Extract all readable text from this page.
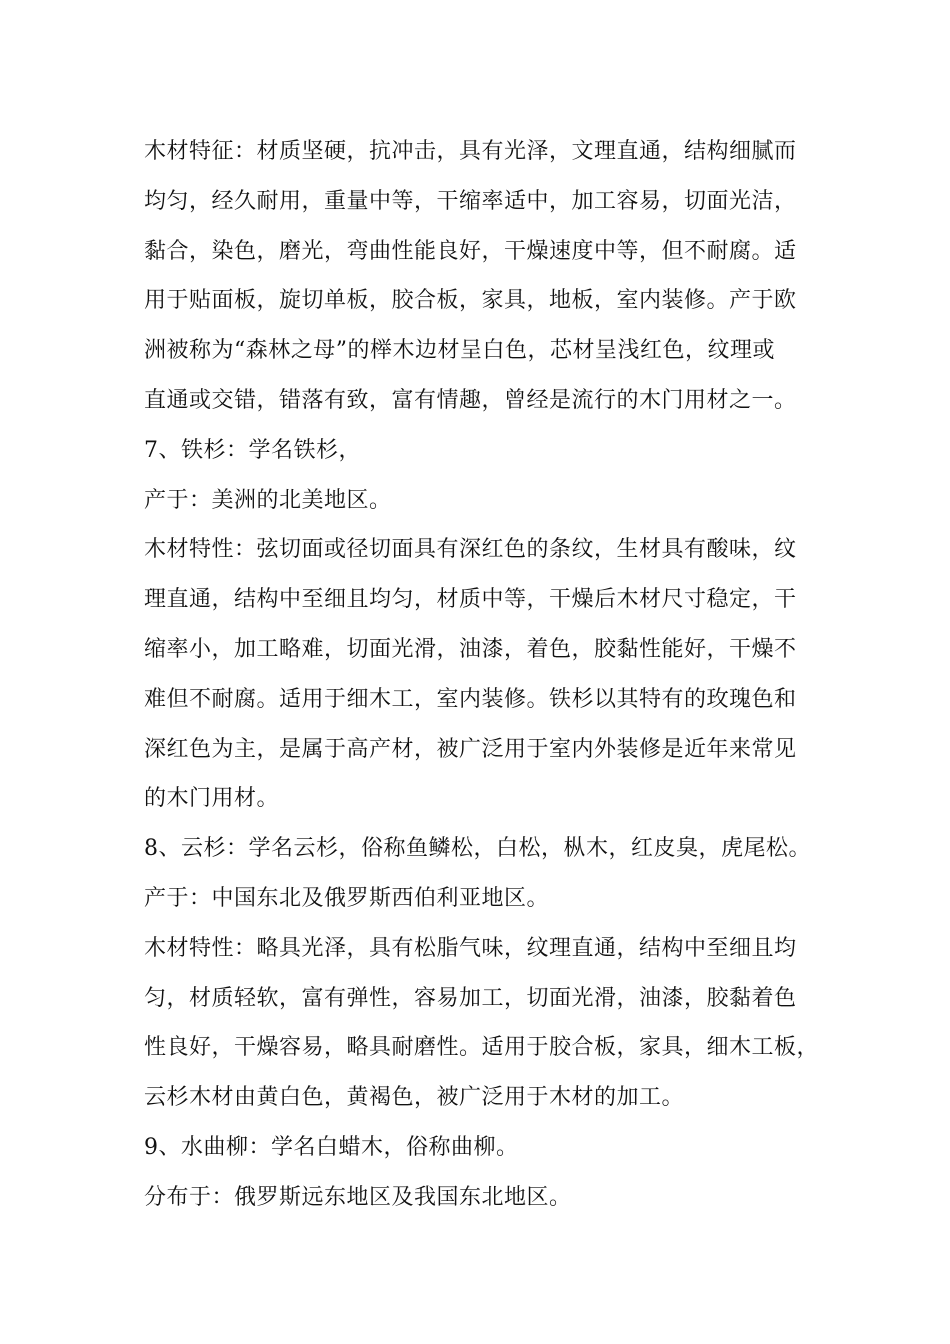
木材特征：材质坚硬，抗冲击，具有光泽，文理直通，结构细腻而
均匀，经久耐用，重量中等，干缩率适中，加工容易，切面光洁，
黏合，染色，磨光，弯曲性能良好，干燥速度中等，但不耐腐。适
用于贴面板，旋切单板，胶合板，家具，地板，室内装修。产于欧
洲被称为“森林之母”的榉木边材呈白色，芯材呈浅红色，纹理或
直通或交错，错落有致，富有情趣，曾经是流行的木门用材之一。
7、铁杉：学名铁杉，
产于：美洲的北美地区。
木材特性：弦切面或径切面具有深红色的条纹，生材具有酸味，纹
理直通，结构中至细且均匀，材质中等，干燥后木材尺寸稳定，干
缩率小，加工略难，切面光滑，油漆，着色，胶黏性能好，干燥不
难但不耐腐。适用于细木工，室内装修。铁杉以其特有的玫瑰色和
深红色为主，是属于高产材，被广泛用于室内外装修是近年来常见
的木门用材。
8、云杉：学名云杉，俗称鱼鳞松，白松，枞木，红皮臭，虎尾松。
产于：中国东北及俄罗斯西伯利亚地区。
木材特性：略具光泽，具有松脂气味，纹理直通，结构中至细且均
匀，材质轻软，富有弹性，容易加工，切面光滑，油漆，胶黏着色
性良好，干燥容易，略具耐磨性。适用于胶合板，家具，细木工板，
云杉木材由黄白色，黄褐色，被广泛用于木材的加工。
9、水曲柳：学名白蜡木，俗称曲柳。
分布于：俄罗斯远东地区及我国东北地区。
